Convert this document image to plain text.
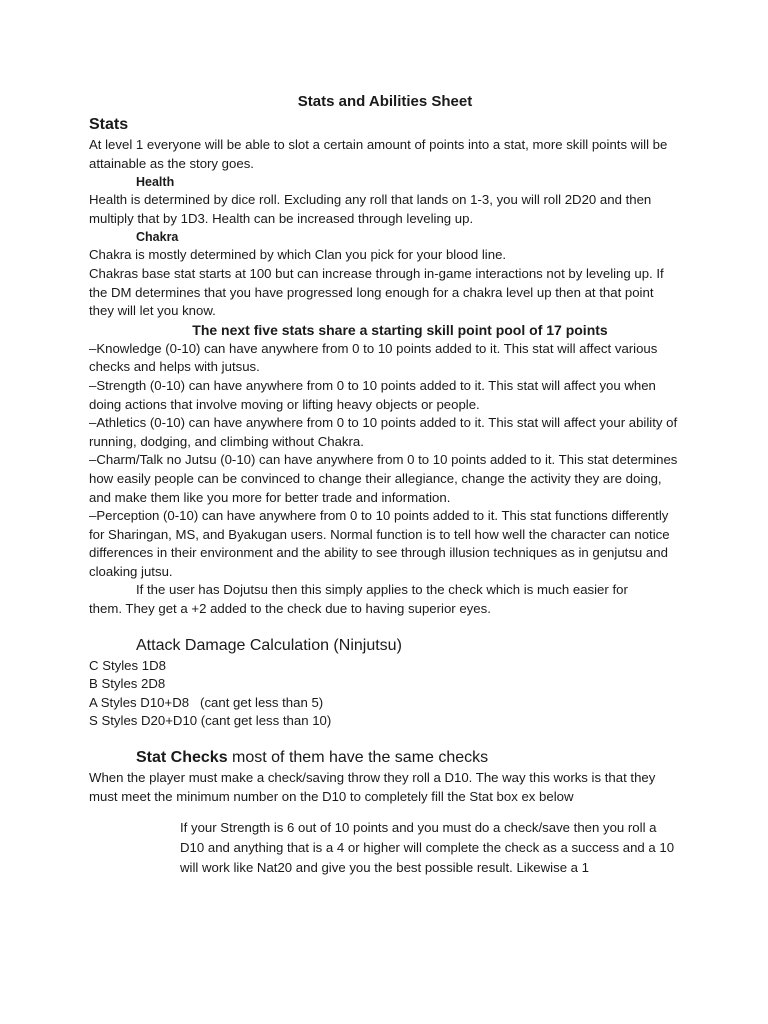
Stats and Abilities Sheet
Stats

At level 1 everyone will be able to slot a certain amount of points into a stat, more skill points will be attainable as the story goes.

Health

Health is determined by dice roll. Excluding any roll that lands on 1-3, you will roll 2D20 and then multiply that by 1D3. Health can be increased through leveling up.

Chakra

Chakra is mostly determined by which Clan you pick for your blood line.

Chakras base stat starts at 100 but can increase through in-game interactions not by leveling up. If the DM determines that you have progressed long enough for a chakra level up then at that point they will let you know.

The next five stats share a starting skill point pool of 17 points

–Knowledge (0-10) can have anywhere from 0 to 10 points added to it. This stat will affect various checks and helps with jutsus.

–Strength (0-10) can have anywhere from 0 to 10 points added to it. This stat will affect you when doing actions that involve moving or lifting heavy objects or people.

–Athletics (0-10) can have anywhere from 0 to 10 points added to it. This stat will affect your ability of running, dodging, and climbing without Chakra.

–Charm/Talk no Jutsu (0-10) can have anywhere from 0 to 10 points added to it. This stat determines how easily people can be convinced to change their allegiance, change the activity they are doing, and make them like you more for better trade and information.

–Perception (0-10) can have anywhere from 0 to 10 points added to it. This stat functions differently for Sharingan, MS, and Byakugan users. Normal function is to tell how well the character can notice differences in their environment and the ability to see through illusion techniques as in genjutsu and cloaking jutsu.

If the user has Dojutsu then this simply applies to the check which is much easier for

them. They get a +2 added to the check due to having superior eyes.

Attack Damage Calculation (Ninjutsu)
C Styles 1D8
B Styles 2D8
A Styles D10+D8   (cant get less than 5)
S Styles D20+D10 (cant get less than 10)
Stat Checks most of them have the same checks

When the player must make a check/saving throw they roll a D10. The way this works is that they must meet the minimum number on the D10 to completely fill the Stat box ex below

If your Strength is 6 out of 10 points and you must do a check/save then you roll a D10 and anything that is a 4 or higher will complete the check as a success and a 10 will work like Nat20 and give you the best possible result. Likewise a 1
